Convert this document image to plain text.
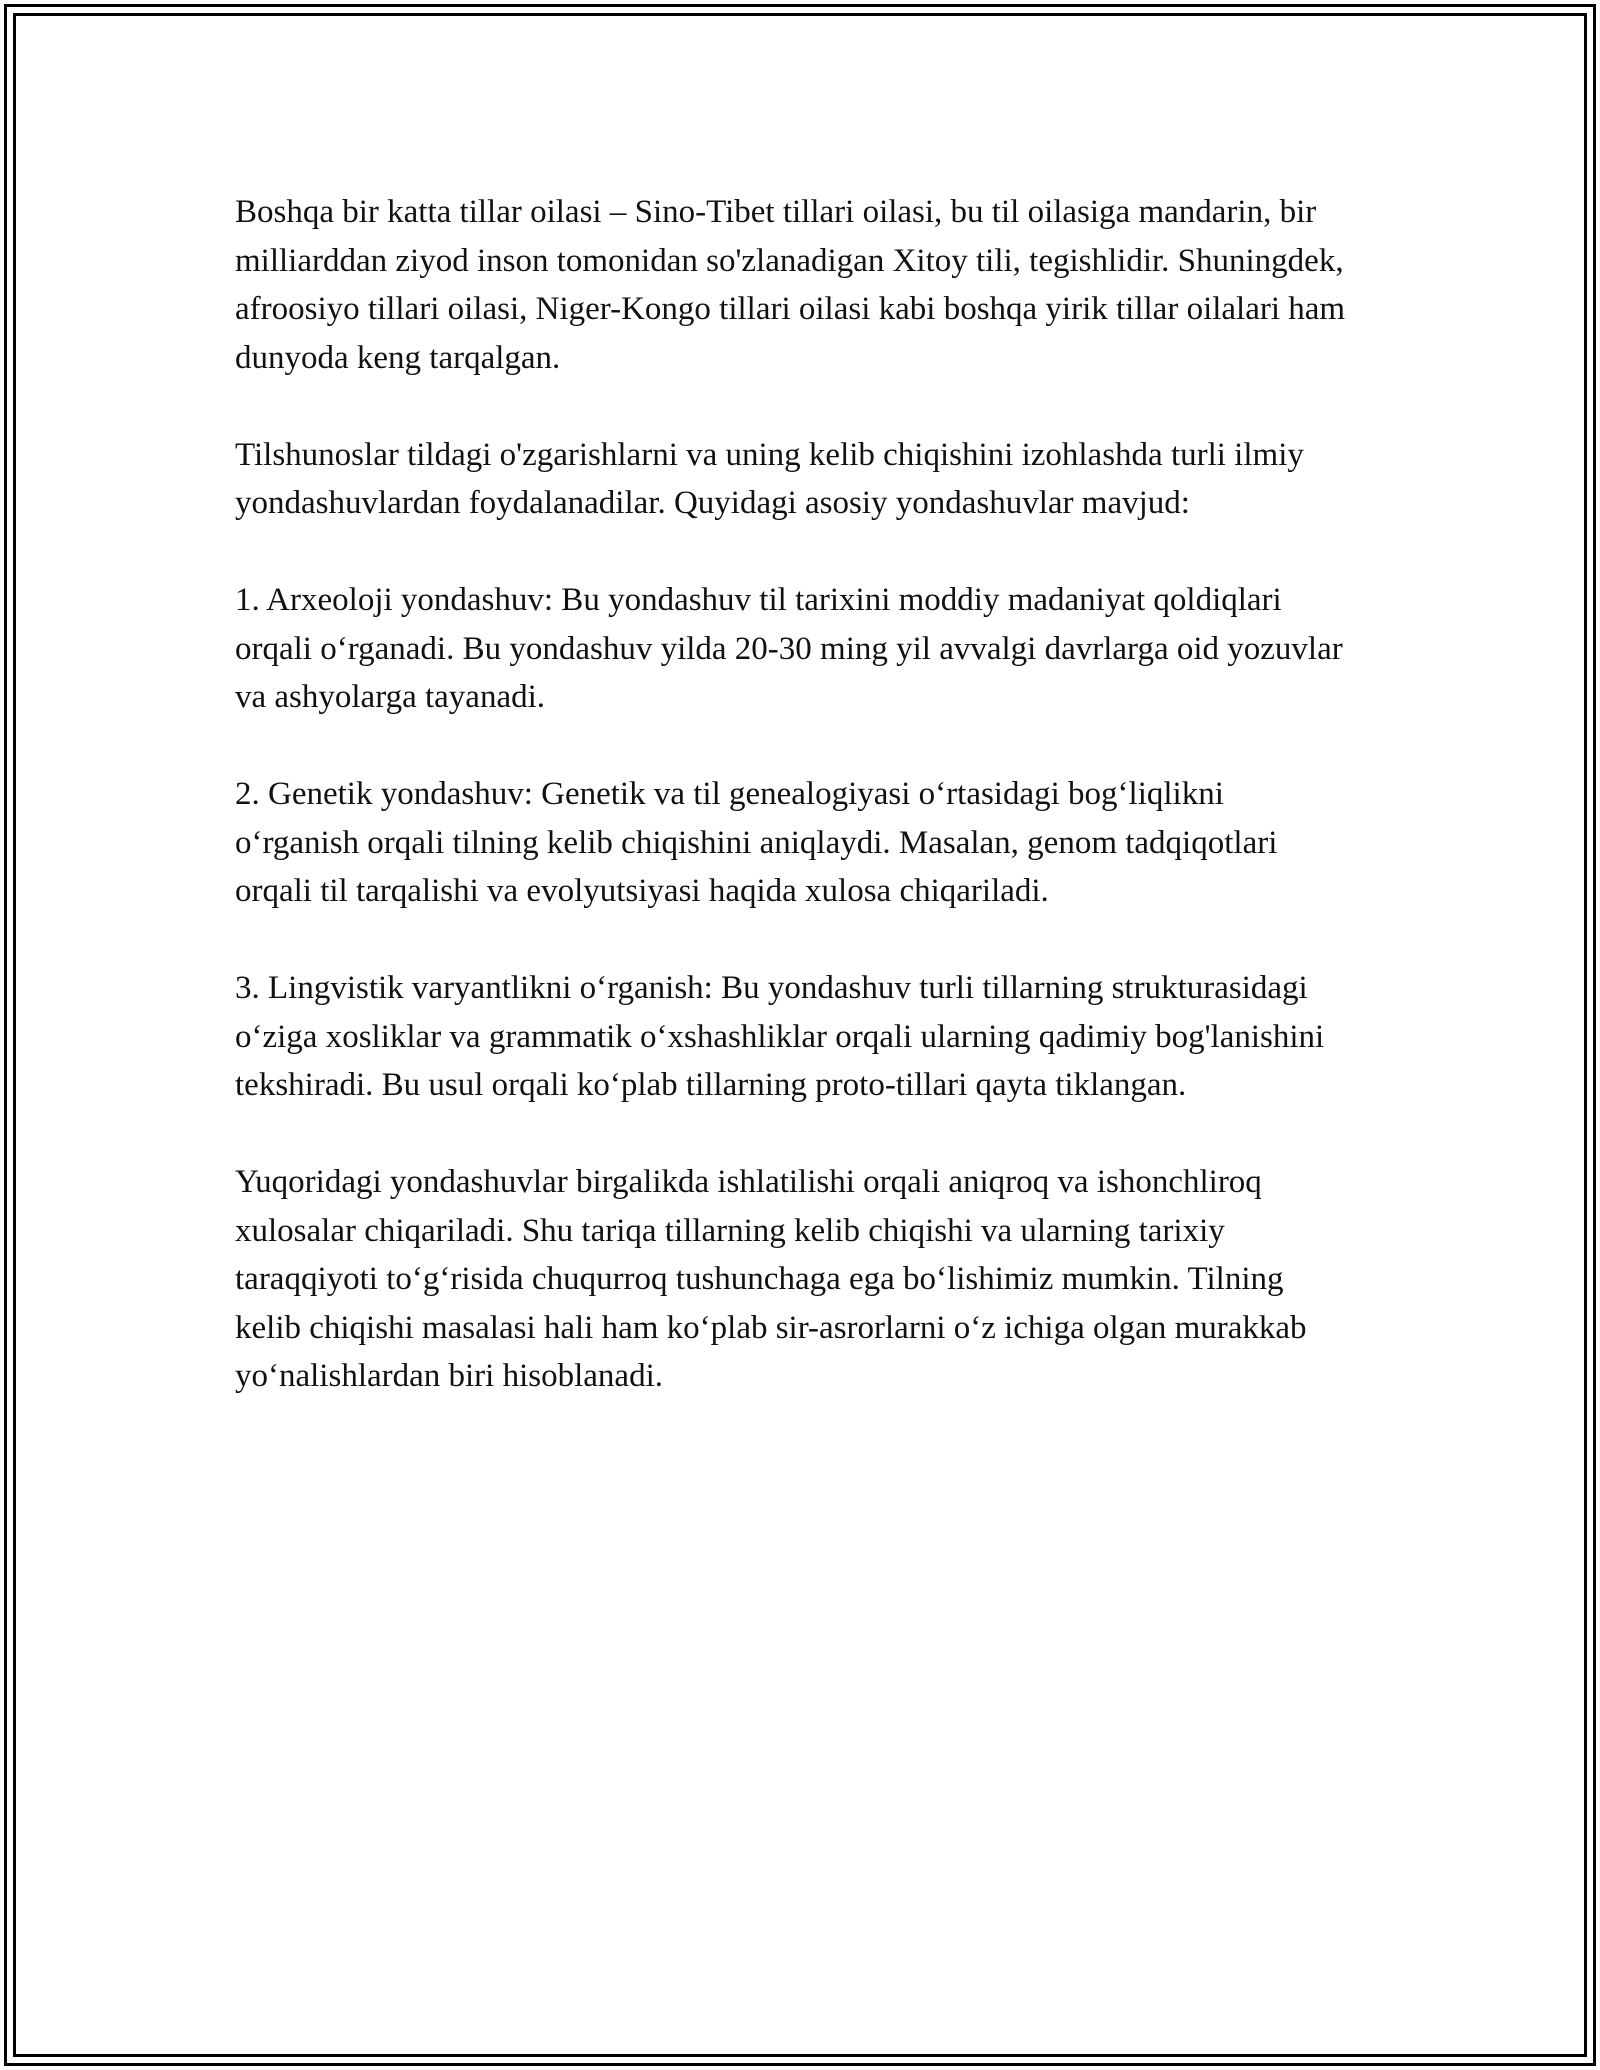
Boshqa bir katta tillar oilasi – Sino-Tibet tillari oilasi, bu til oilasiga mandarin, bir milliarddan ziyod inson tomonidan so'zlanadigan Xitoy tili, tegishlidir. Shuningdek, afroosiyo tillari oilasi, Niger-Kongo tillari oilasi kabi boshqa yirik tillar oilalari ham dunyoda keng tarqalgan.

Tilshunoslar tildagi o'zgarishlarni va uning kelib chiqishini izohlashda turli ilmiy yondashuvlardan foydalanadilar. Quyidagi asosiy yondashuvlar mavjud:

1. Arxeoloji yondashuv: Bu yondashuv til tarixini moddiy madaniyat qoldiqlari orqali oʻrganadi. Bu yondashuv yilda 20-30 ming yil avvalgi davrlarga oid yozuvlar va ashyolarga tayanadi.

2. Genetik yondashuv: Genetik va til genealogiyasi oʻrtasidagi bogʻliqlikni oʻrganish orqali tilning kelib chiqishini aniqlaydi. Masalan, genom tadqiqotlari orqali til tarqalishi va evolyutsiyasi haqida xulosa chiqariladi.

3. Lingvistik varyantlikni oʻrganish: Bu yondashuv turli tillarning strukturasidagi oʻziga xosliklar va grammatik oʻxshashliklar orqali ularning qadimiy bog'lanishini tekshiradi. Bu usul orqali koʻplab tillarning proto-tillari qayta tiklangan.

Yuqoridagi yondashuvlar birgalikda ishlatilishi orqali aniqroq va ishonchliroq xulosalar chiqariladi. Shu tariqa tillarning kelib chiqishi va ularning tarixiy taraqqiyoti toʻgʻrisida chuqurroq tushunchaga ega boʻlishimiz mumkin. Tilning kelib chiqishi masalasi hali ham koʻplab sir-asrorlarni oʻz ichiga olgan murakkab yoʻnalishlardan biri hisoblanadi.
